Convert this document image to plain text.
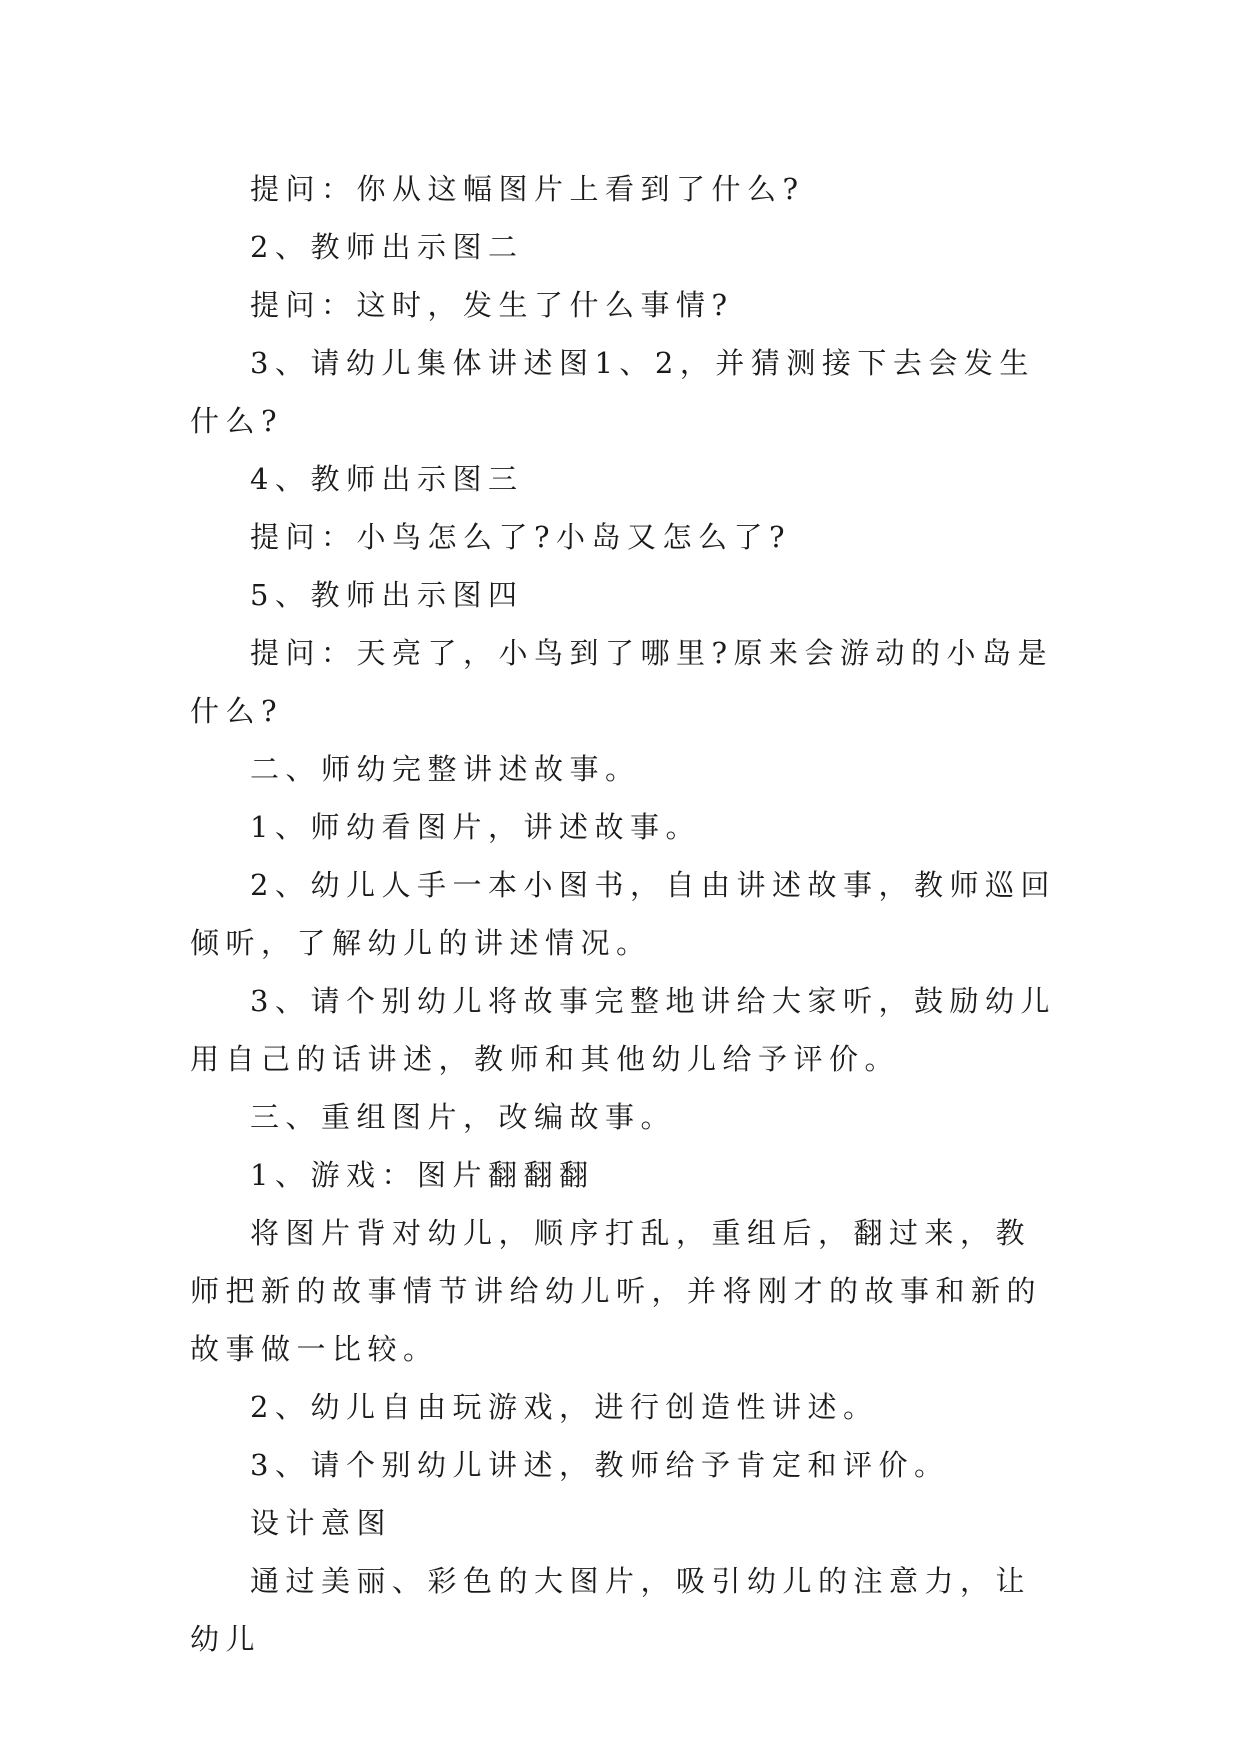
提问：你从这幅图片上看到了什么?

2、教师出示图二

提问：这时，发生了什么事情?

3、请幼儿集体讲述图1、2，并猜测接下去会发生什么?

4、教师出示图三

提问：小鸟怎么了?小岛又怎么了?

5、教师出示图四

提问：天亮了，小鸟到了哪里?原来会游动的小岛是什么?

二、师幼完整讲述故事。

1、师幼看图片，讲述故事。

2、幼儿人手一本小图书，自由讲述故事，教师巡回倾听，了解幼儿的讲述情况。

3、请个别幼儿将故事完整地讲给大家听，鼓励幼儿用自己的话讲述，教师和其他幼儿给予评价。

三、重组图片，改编故事。

1、游戏：图片翻翻翻

将图片背对幼儿，顺序打乱，重组后，翻过来，教师把新的故事情节讲给幼儿听，并将刚才的故事和新的故事做一比较。

2、幼儿自由玩游戏，进行创造性讲述。

3、请个别幼儿讲述，教师给予肯定和评价。

设计意图

通过美丽、彩色的大图片，吸引幼儿的注意力，让幼儿
